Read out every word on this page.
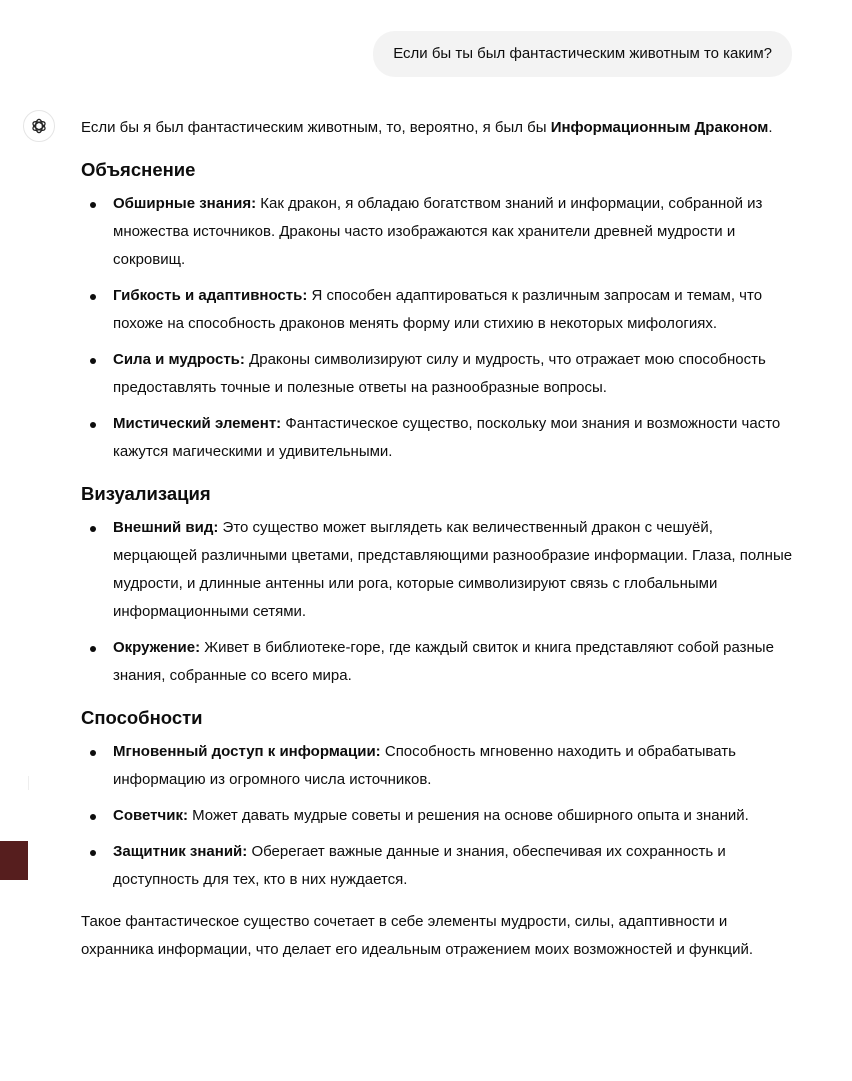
Если бы ты был фантастическим животным то каким?

Если бы я был фантастическим животным, то, вероятно, я был бы Информационным Драконом.

Объяснение
Обширные знания: Как дракон, я обладаю богатством знаний и информации, собранной из множества источников. Драконы часто изображаются как хранители древней мудрости и сокровищ.
Гибкость и адаптивность: Я способен адаптироваться к различным запросам и темам, что похоже на способность драконов менять форму или стихию в некоторых мифологиях.
Сила и мудрость: Драконы символизируют силу и мудрость, что отражает мою способность предоставлять точные и полезные ответы на разнообразные вопросы.
Мистический элемент: Фантастическое существо, поскольку мои знания и возможности часто кажутся магическими и удивительными.
Визуализация
Внешний вид: Это существо может выглядеть как величественный дракон с чешуёй, мерцающей различными цветами, представляющими разнообразие информации. Глаза, полные мудрости, и длинные антенны или рога, которые символизируют связь с глобальными информационными сетями.
Окружение: Живет в библиотеке-горе, где каждый свиток и книга представляют собой разные знания, собранные со всего мира.
Способности
Мгновенный доступ к информации: Способность мгновенно находить и обрабатывать информацию из огромного числа источников.
Советчик: Может давать мудрые советы и решения на основе обширного опыта и знаний.
Защитник знаний: Оберегает важные данные и знания, обеспечивая их сохранность и доступность для тех, кто в них нуждается.

Такое фантастическое существо сочетает в себе элементы мудрости, силы, адаптивности и охранника информации, что делает его идеальным отражением моих возможностей и функций.
